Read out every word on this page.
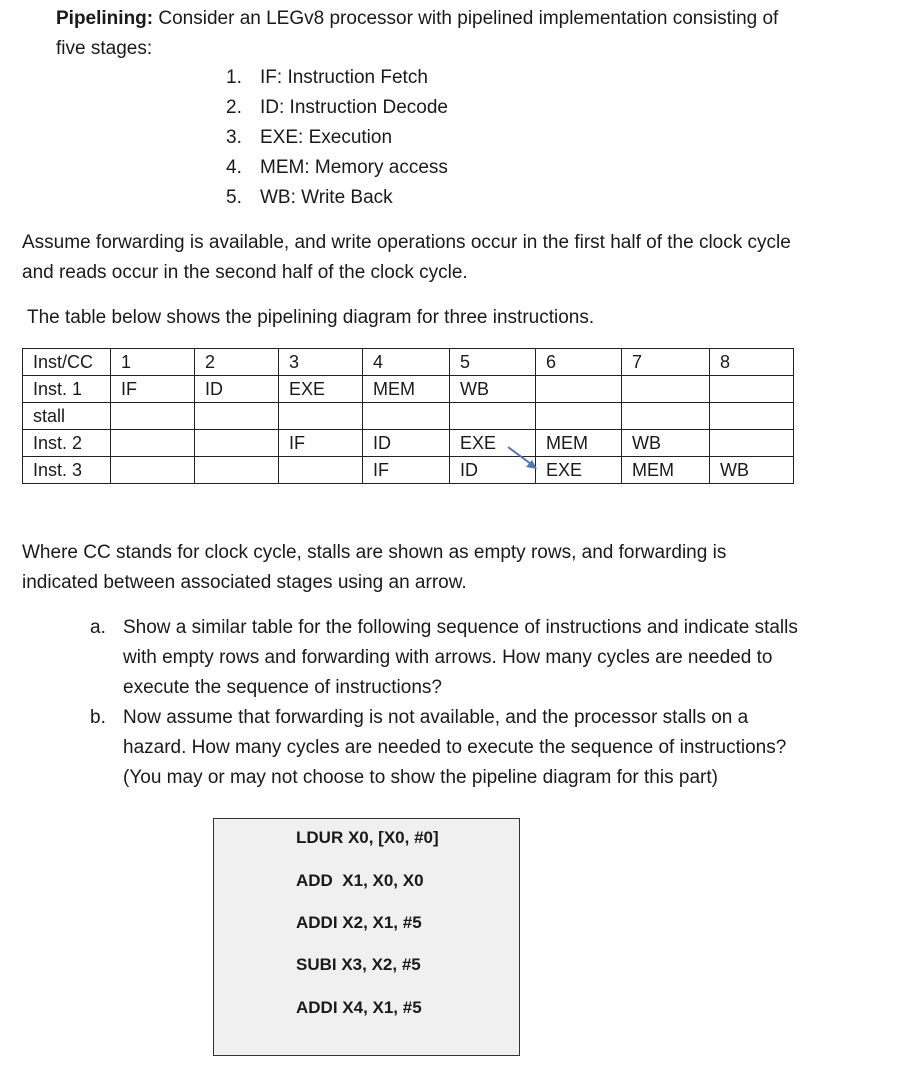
Pipelining: Consider an LEGv8 processor with pipelined implementation consisting of
five stages:
1. IF: Instruction Fetch
2. ID: Instruction Decode
3. EXE: Execution
4. MEM: Memory access
5. WB: Write Back
Assume forwarding is available, and write operations occur in the first half of the clock cycle
and reads occur in the second half of the clock cycle.
The table below shows the pipelining diagram for three instructions.
Inst/CC	1	2	3	4	5	6	7	8
Inst. 1	IF	ID	EXE	MEM	WB			
stall								
Inst. 2			IF	ID	EXE	MEM	WB	
Inst. 3				IF	ID	EXE	MEM	WB
Where CC stands for clock cycle, stalls are shown as empty rows, and forwarding is
indicated between associated stages using an arrow.
a. Show a similar table for the following sequence of instructions and indicate stalls
with empty rows and forwarding with arrows. How many cycles are needed to
execute the sequence of instructions?
b. Now assume that forwarding is not available, and the processor stalls on a
hazard. How many cycles are needed to execute the sequence of instructions?
(You may or may not choose to show the pipeline diagram for this part)
LDUR X0, [X0, #0]
ADD  X1, X0, X0
ADDI X2, X1, #5
SUBI X3, X2, #5
ADDI X4, X1, #5
